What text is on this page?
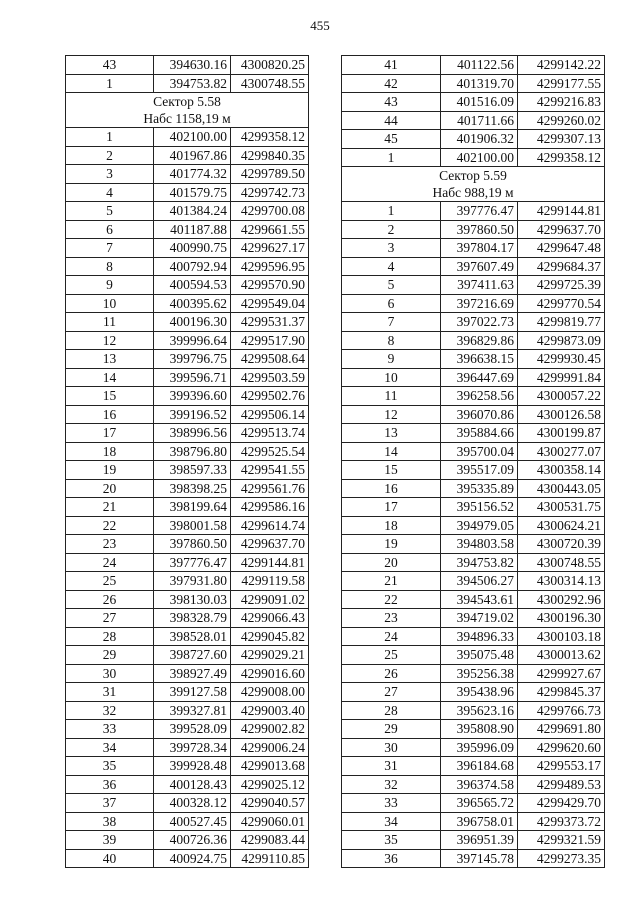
455
43	394630.16	4300820.25
1	394753.82	4300748.55

Сектор 5.58
Набс 1158,19 м		

1	402100.00	4299358.12
2	401967.86	4299840.35
3	401774.32	4299789.50
4	401579.75	4299742.73
5	401384.24	4299700.08
6	401187.88	4299661.55
7	400990.75	4299627.17
8	400792.94	4299596.95
9	400594.53	4299570.90
10	400395.62	4299549.04
11	400196.30	4299531.37
12	399996.64	4299517.90
13	399796.75	4299508.64
14	399596.71	4299503.59
15	399396.60	4299502.76
16	399196.52	4299506.14
17	398996.56	4299513.74
18	398796.80	4299525.54
19	398597.33	4299541.55
20	398398.25	4299561.76
21	398199.64	4299586.16
22	398001.58	4299614.74
23	397860.50	4299637.70
24	397776.47	4299144.81
25	397931.80	4299119.58
26	398130.03	4299091.02
27	398328.79	4299066.43
28	398528.01	4299045.82
29	398727.60	4299029.21
30	398927.49	4299016.60
31	399127.58	4299008.00
32	399327.81	4299003.40
33	399528.09	4299002.82
34	399728.34	4299006.24
35	399928.48	4299013.68
36	400128.43	4299025.12
37	400328.12	4299040.57
38	400527.45	4299060.01
39	400726.36	4299083.44
40	400924.75	4299110.85
41	401122.56	4299142.22
42	401319.70	4299177.55
43	401516.09	4299216.83
44	401711.66	4299260.02
45	401906.32	4299307.13
1	402100.00	4299358.12

Сектор 5.59
Набс 988,19 м		

1	397776.47	4299144.81
2	397860.50	4299637.70
3	397804.17	4299647.48
4	397607.49	4299684.37
5	397411.63	4299725.39
6	397216.69	4299770.54
7	397022.73	4299819.77
8	396829.86	4299873.09
9	396638.15	4299930.45
10	396447.69	4299991.84
11	396258.56	4300057.22
12	396070.86	4300126.58
13	395884.66	4300199.87
14	395700.04	4300277.07
15	395517.09	4300358.14
16	395335.89	4300443.05
17	395156.52	4300531.75
18	394979.05	4300624.21
19	394803.58	4300720.39
20	394753.82	4300748.55
21	394506.27	4300314.13
22	394543.61	4300292.96
23	394719.02	4300196.30
24	394896.33	4300103.18
25	395075.48	4300013.62
26	395256.38	4299927.67
27	395438.96	4299845.37
28	395623.16	4299766.73
29	395808.90	4299691.80
30	395996.09	4299620.60
31	396184.68	4299553.17
32	396374.58	4299489.53
33	396565.72	4299429.70
34	396758.01	4299373.72
35	396951.39	4299321.59
36	397145.78	4299273.35
